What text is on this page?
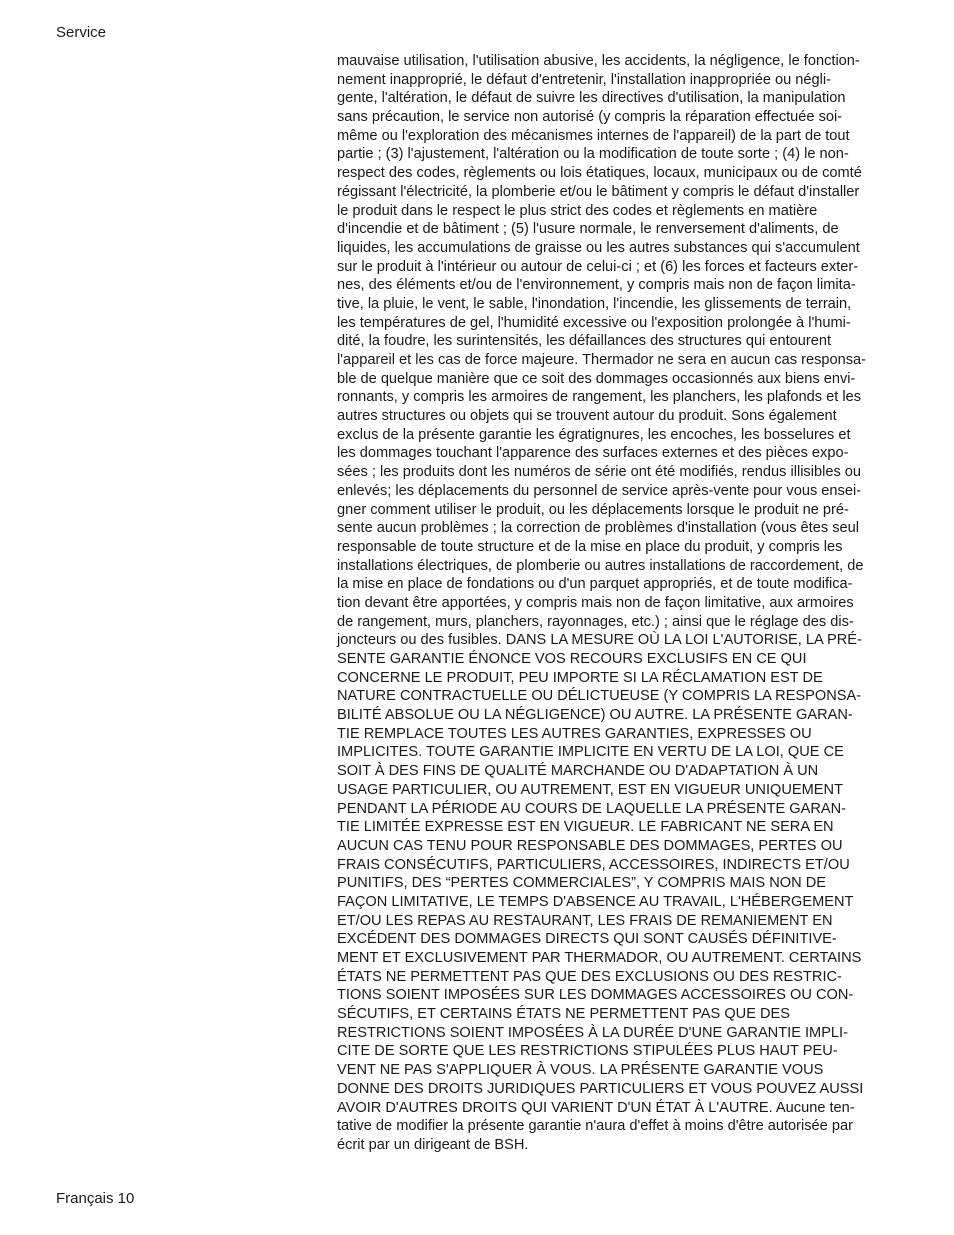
Service
mauvaise utilisation, l'utilisation abusive, les accidents, la négligence, le fonction-
nement inapproprié, le défaut d'entretenir, l'installation inappropriée ou négli-
gente, l'altération, le défaut de suivre les directives d'utilisation, la manipulation
sans précaution, le service non autorisé (y compris la réparation effectuée soi-
même ou l'exploration des mécanismes internes de l'appareil) de la part de tout
partie ; (3) l'ajustement, l'altération ou la modification de toute sorte ; (4) le non-
respect des codes, règlements ou lois étatiques, locaux, municipaux ou de comté
régissant l'électricité, la plomberie et/ou le bâtiment y compris le défaut d'installer
le produit dans le respect le plus strict des codes et règlements en matière
d'incendie et de bâtiment ; (5) l'usure normale, le renversement d'aliments, de
liquides, les accumulations de graisse ou les autres substances qui s'accumulent
sur le produit à l'intérieur ou autour de celui-ci ; et (6) les forces et facteurs exter-
nes, des éléments et/ou de l'environnement, y compris mais non de façon limita-
tive, la pluie, le vent, le sable, l'inondation, l'incendie, les glissements de terrain,
les températures de gel, l'humidité excessive ou l'exposition prolongée à l'humi-
dité, la foudre, les surintensités, les défaillances des structures qui entourent
l'appareil et les cas de force majeure. Thermador ne sera en aucun cas responsa-
ble de quelque manière que ce soit des dommages occasionnés aux biens envi-
ronnants, y compris les armoires de rangement, les planchers, les plafonds et les
autres structures ou objets qui se trouvent autour du produit. Sons également
exclus de la présente garantie les égratignures, les encoches, les bosselures et
les dommages touchant l'apparence des surfaces externes et des pièces expo-
sées ; les produits dont les numéros de série ont été modifiés, rendus illisibles ou
enlevés; les déplacements du personnel de service après-vente pour vous ensei-
gner comment utiliser le produit, ou les déplacements lorsque le produit ne pré-
sente aucun problèmes ; la correction de problèmes d'installation (vous êtes seul
responsable de toute structure et de la mise en place du produit, y compris les
installations électriques, de plomberie ou autres installations de raccordement, de
la mise en place de fondations ou d'un parquet appropriés, et de toute modifica-
tion devant être apportées, y compris mais non de façon limitative, aux armoires
de rangement, murs, planchers, rayonnages, etc.) ; ainsi que le réglage des dis-
joncteurs ou des fusibles. DANS LA MESURE OÙ LA LOI L'AUTORISE, LA PRÉ-
SENTE GARANTIE ÉNONCE VOS RECOURS EXCLUSIFS EN CE QUI
CONCERNE LE PRODUIT, PEU IMPORTE SI LA RÉCLAMATION EST DE
NATURE CONTRACTUELLE OU DÉLICTUEUSE (Y COMPRIS LA RESPONSA-
BILITÉ ABSOLUE OU LA NÉGLIGENCE) OU AUTRE. LA PRÉSENTE GARAN-
TIE REMPLACE TOUTES LES AUTRES GARANTIES, EXPRESSES OU
IMPLICITES. TOUTE GARANTIE IMPLICITE EN VERTU DE LA LOI, QUE CE
SOIT À DES FINS DE QUALITÉ MARCHANDE OU D'ADAPTATION À UN
USAGE PARTICULIER, OU AUTREMENT, EST EN VIGUEUR UNIQUEMENT
PENDANT LA PÉRIODE AU COURS DE LAQUELLE LA PRÉSENTE GARAN-
TIE LIMITÉE EXPRESSE EST EN VIGUEUR. LE FABRICANT NE SERA EN
AUCUN CAS TENU POUR RESPONSABLE DES DOMMAGES, PERTES OU
FRAIS CONSÉCUTIFS, PARTICULIERS, ACCESSOIRES, INDIRECTS ET/OU
PUNITIFS, DES “PERTES COMMERCIALES”, Y COMPRIS MAIS NON DE
FAÇON LIMITATIVE, LE TEMPS D'ABSENCE AU TRAVAIL, L'HÉBERGEMENT
ET/OU LES REPAS AU RESTAURANT, LES FRAIS DE REMANIEMENT EN
EXCÉDENT DES DOMMAGES DIRECTS QUI SONT CAUSÉS DÉFINITIVE-
MENT ET EXCLUSIVEMENT PAR THERMADOR, OU AUTREMENT. CERTAINS
ÉTATS NE PERMETTENT PAS QUE DES EXCLUSIONS OU DES RESTRIC-
TIONS SOIENT IMPOSÉES SUR LES DOMMAGES ACCESSOIRES OU CON-
SÉCUTIFS, ET CERTAINS ÉTATS NE PERMETTENT PAS QUE DES
RESTRICTIONS SOIENT IMPOSÉES À LA DURÉE D'UNE GARANTIE IMPLI-
CITE DE SORTE QUE LES RESTRICTIONS STIPULÉES PLUS HAUT PEU-
VENT NE PAS S'APPLIQUER À VOUS. LA PRÉSENTE GARANTIE VOUS
DONNE DES DROITS JURIDIQUES PARTICULIERS ET VOUS POUVEZ AUSSI
AVOIR D'AUTRES DROITS QUI VARIENT D'UN ÉTAT À L'AUTRE. Aucune ten-
tative de modifier la présente garantie n'aura d'effet à moins d'être autorisée par
écrit par un dirigeant de BSH.
Français 10
